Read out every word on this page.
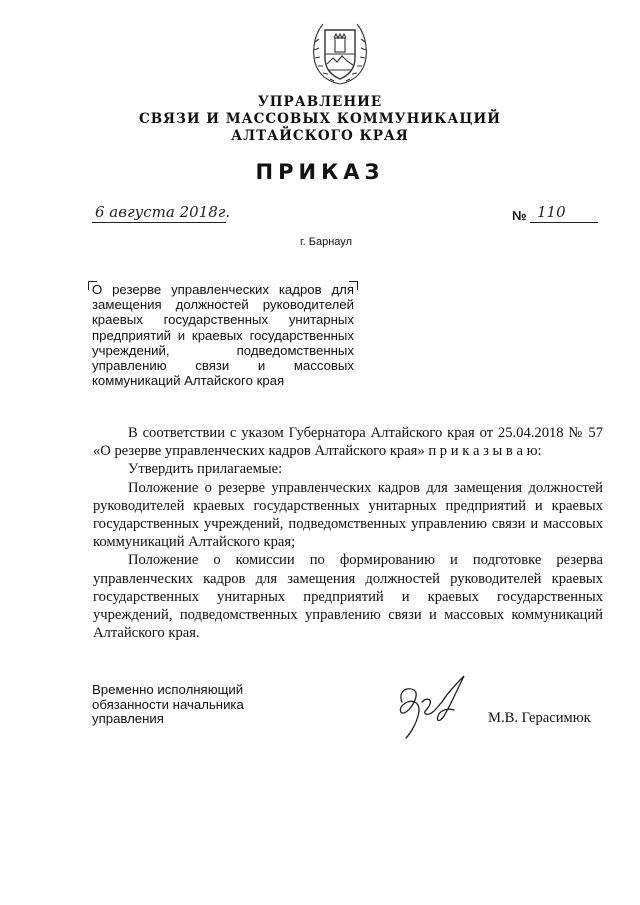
УПРАВЛЕНИЕ
СВЯЗИ И МАССОВЫХ КОММУНИКАЦИЙ
АЛТАЙСКОГО КРАЯ
ПРИКАЗ
6 августа 2018г.	№ 110
г. Барнаул
О резерве управленческих кадров для замещения должностей руководителей краевых государственных унитарных предприятий и краевых государственных учреждений, подведомственных управлению связи и массовых коммуникаций Алтайского края

В соответствии с указом Губернатора Алтайского края от 25.04.2018 № 57 «О резерве управленческих кадров Алтайского края» п р и к а з ы в а ю:

Утвердить прилагаемые:

Положение о резерве управленческих кадров для замещения должностей руководителей краевых государственных унитарных предприятий и краевых государственных учреждений, подведомственных управлению связи и массовых коммуникаций Алтайского края;

Положение о комиссии по формированию и подготовке резерва управленческих кадров для замещения должностей руководителей краевых государственных унитарных предприятий и краевых государственных учреждений, подведомственных управлению связи и массовых коммуникаций Алтайского края.

Временно исполняющий
обязанности начальника
управления	М.В. Герасимюк
